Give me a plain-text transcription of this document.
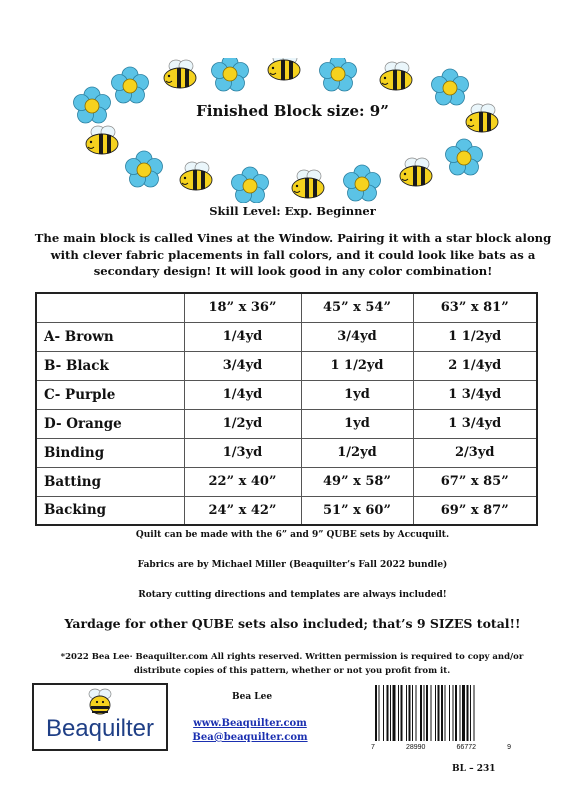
Finished Block size: 9”
Skill Level: Exp. Beginner
The main block is called Vines at the Window. Pairing it with a star block along with clever fabric placements in fall colors, and it could look like bats as a secondary design! It will look good in any color combination!
	18” x 36”	45” x 54”	63” x 81”
A- Brown	1/4yd	3/4yd	1 1/2yd
B- Black	3/4yd	1 1/2yd	2 1/4yd
C- Purple	1/4yd	1yd	1 3/4yd
D- Orange	1/2yd	1yd	1 3/4yd
Binding	1/3yd	1/2yd	2/3yd
Batting	22” x 40”	49” x 58”	67” x 85”
Backing	24” x 42”	51” x 60”	69” x 87”
Quilt can be made with the 6” and 9” QUBE sets by Accuquilt.
Fabrics are by Michael Miller (Beaquilter’s Fall 2022 bundle)
Rotary cutting directions and templates are always included!
Yardage for other QUBE sets also included; that’s 9 SIZES total!!
*2022 Bea Lee· Beaquilter.com All rights reserved. Written permission is required to copy and/or distribute copies of this pattern, whether or not you profit from it.
Beaquilter
Bea Lee
www.Beaquilter.com
Bea@beaquilter.com
7	28990	66772	9
BL – 231
